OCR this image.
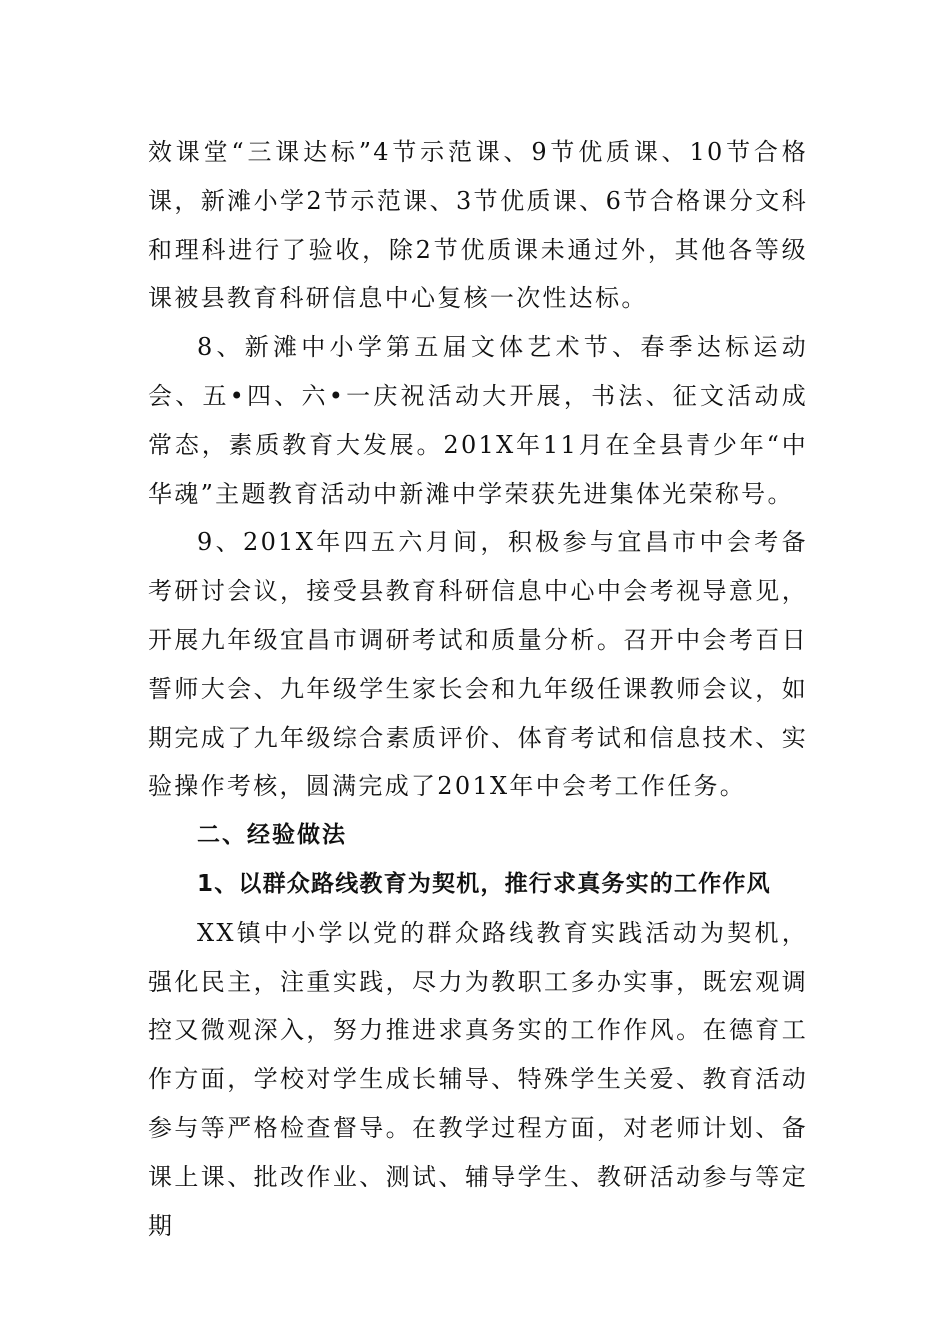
效课堂“三课达标”4节示范课、9节优质课、10节合格课，新滩小学2节示范课、3节优质课、6节合格课分文科和理科进行了验收，除2节优质课未通过外，其他各等级课被县教育科研信息中心复核一次性达标。

8、新滩中小学第五届文体艺术节、春季达标运动会、五•四、六•一庆祝活动大开展，书法、征文活动成常态，素质教育大发展。201X年11月在全县青少年“中华魂”主题教育活动中新滩中学荣获先进集体光荣称号。

9、201X年四五六月间，积极参与宜昌市中会考备考研讨会议，接受县教育科研信息中心中会考视导意见，开展九年级宜昌市调研考试和质量分析。召开中会考百日誓师大会、九年级学生家长会和九年级任课教师会议，如期完成了九年级综合素质评价、体育考试和信息技术、实验操作考核，圆满完成了201X年中会考工作任务。

二、经验做法

1、以群众路线教育为契机，推行求真务实的工作作风

XX镇中小学以党的群众路线教育实践活动为契机，强化民主，注重实践，尽力为教职工多办实事，既宏观调控又微观深入，努力推进求真务实的工作作风。在德育工作方面，学校对学生成长辅导、特殊学生关爱、教育活动参与等严格检查督导。在教学过程方面，对老师计划、备课上课、批改作业、测试、辅导学生、教研活动参与等定期
